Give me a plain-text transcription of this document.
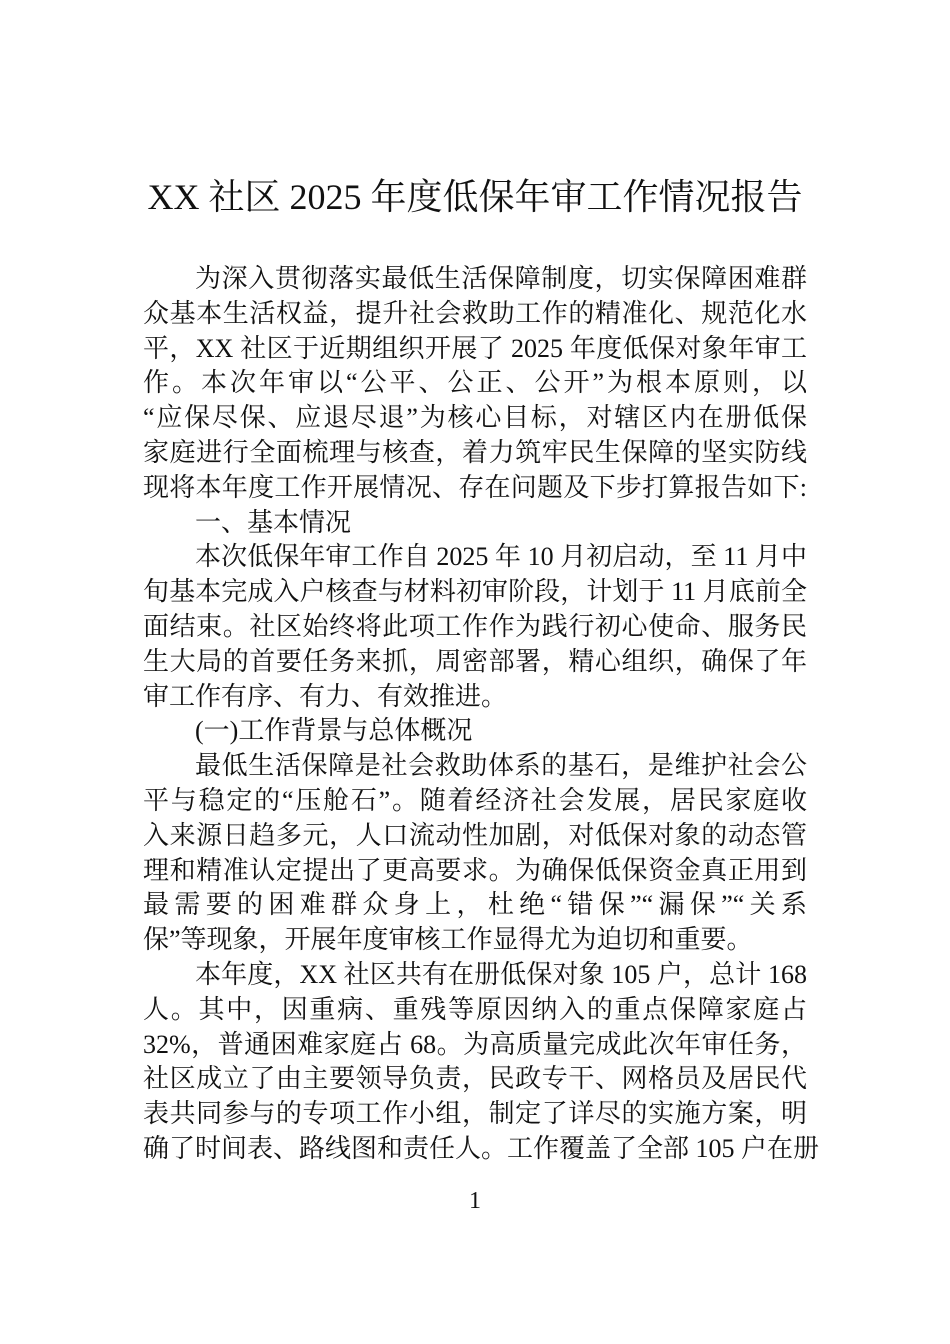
XX 社区 2025 年度低保年审工作情况报告
为深入贯彻落实最低生活保障制度，切实保障困难群
众基本生活权益，提升社会救助工作的精准化、规范化水
平，XX 社区于近期组织开展了 2025 年度低保对象年审工
作。本次年审以“公平、公正、公开”为根本原则，以
“应保尽保、应退尽退”为核心目标，对辖区内在册低保
家庭进行全面梳理与核查，着力筑牢民生保障的坚实防线
现将本年度工作开展情况、存在问题及下步打算报告如下:
一、基本情况
本次低保年审工作自 2025 年 10 月初启动，至 11 月中
旬基本完成入户核查与材料初审阶段，计划于 11 月底前全
面结束。社区始终将此项工作作为践行初心使命、服务民
生大局的首要任务来抓，周密部署，精心组织，确保了年
审工作有序、有力、有效推进。
(一)工作背景与总体概况
最低生活保障是社会救助体系的基石，是维护社会公
平与稳定的“压舱石”。随着经济社会发展，居民家庭收
入来源日趋多元，人口流动性加剧，对低保对象的动态管
理和精准认定提出了更高要求。为确保低保资金真正用到
最需要的困难群众身上，杜绝“错保”“漏保”“关系
保”等现象，开展年度审核工作显得尤为迫切和重要。
本年度，XX 社区共有在册低保对象 105 户，总计 168
人。其中，因重病、重残等原因纳入的重点保障家庭占
32%，普通困难家庭占 68。为高质量完成此次年审任务，
社区成立了由主要领导负责，民政专干、网格员及居民代
表共同参与的专项工作小组，制定了详尽的实施方案，明
确了时间表、路线图和责任人。工作覆盖了全部 105 户在册
1
